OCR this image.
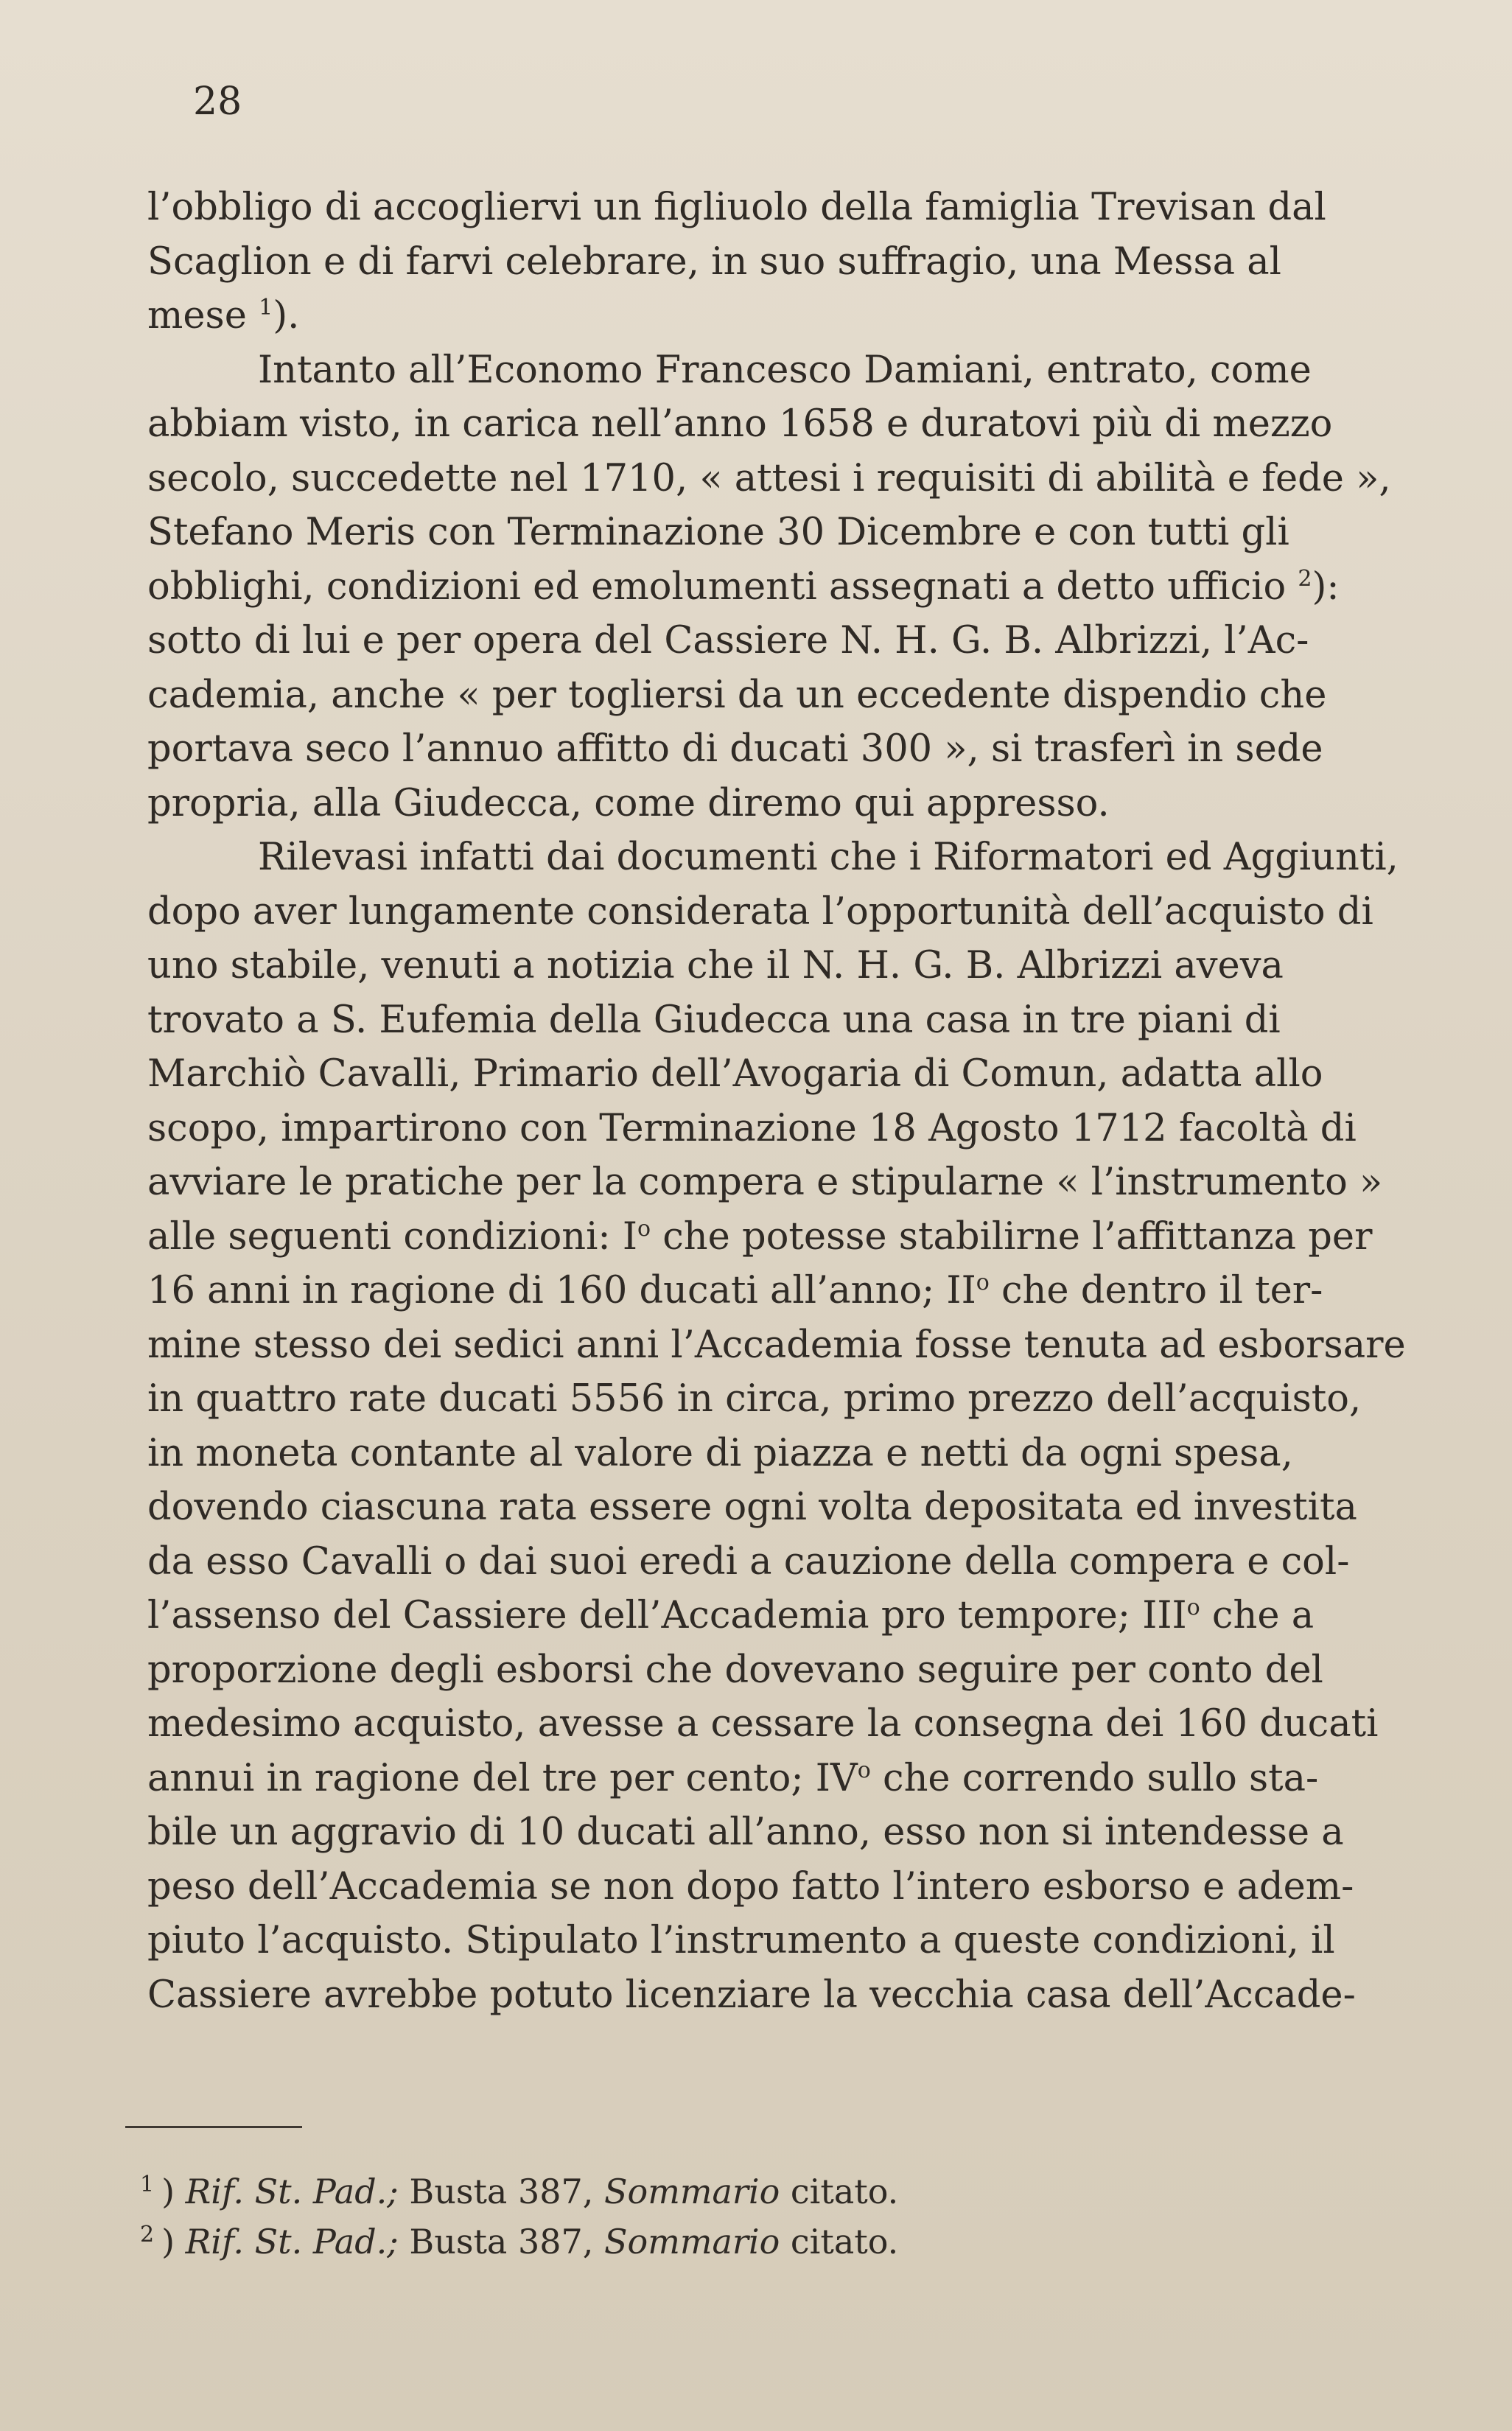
28
l’obbligo di accogliervi un figliuolo della famiglia Trevisan dal
Scaglion e di farvi celebrare, in suo suffragio, una Messa al
mese $^1$).
Intanto all’Economo Francesco Damiani, entrato, come
abbiam visto, in carica nell’anno 1658 e duratovi più di mezzo
secolo, succedette nel 1710, « attesi i requisiti di abilità e fede »,
Stefano Meris con Terminazione 30 Dicembre e con tutti gli
obblighi, condizioni ed emolumenti assegnati a detto ufficio $^2$):
sotto di lui e per opera del Cassiere N. H. G. B. Albrizzi, l’Ac-
cademia, anche « per togliersi da un eccedente dispendio che
portava seco l’annuo affitto di ducati 300 », si trasferì in sede
propria, alla Giudecca, come diremo qui appresso.
Rilevasi infatti dai documenti che i Riformatori ed Aggiunti,
dopo aver lungamente considerata l’opportunità dell’acquisto di
uno stabile, venuti a notizia che il N. H. G. B. Albrizzi aveva
trovato a S. Eufemia della Giudecca una casa in tre piani di
Marchiò Cavalli, Primario dell’Avogaria di Comun, adatta allo
scopo, impartirono con Terminazione 18 Agosto 1712 facoltà di
avviare le pratiche per la compera e stipularne « l’instrumento »
alle seguenti condizioni: $I^o$ che potesse stabilirne l’affittanza per
16 anni in ragione di 160 ducati all’anno; $II^o$ che dentro il ter-
mine stesso dei sedici anni l’Accademia fosse tenuta ad esborsare
in quattro rate ducati 5556 in circa, primo prezzo dell’acquisto,
in moneta contante al valore di piazza e netti da ogni spesa,
dovendo ciascuna rata essere ogni volta depositata ed investita
da esso Cavalli o dai suoi eredi a cauzione della compera e col-
l’assenso del Cassiere dell’Accademia pro tempore; III$^o$ che a
proporzione degli esborsi che dovevano seguire per conto del
medesimo acquisto, avesse a cessare la consegna dei 160 ducati
annui in ragione del tre per cento; $IV^o$ che correndo sullo sta-
bile un aggravio di 10 ducati all’anno, esso non si intendesse a
peso dell’Accademia se non dopo fatto l’intero esborso e adem-
piuto l’acquisto. Stipulato l’instrumento a queste condizioni, il
Cassiere avrebbe potuto licenziare la vecchia casa dell’Accade-
$^1$ ) Rif. St. Pad.; Busta 387, Sommario citato.
$^2$ ) Rif. St. Pad.; Busta 387, Sommario citato.
